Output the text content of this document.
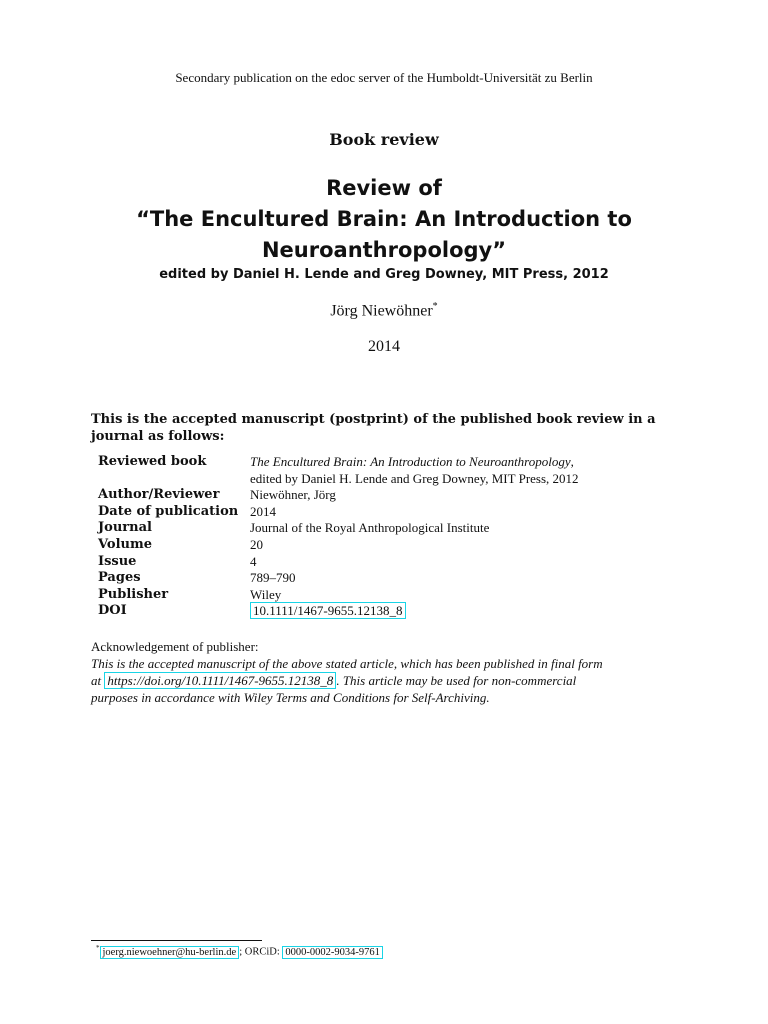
Secondary publication on the edoc server of the Humboldt-Universität zu Berlin
Book review
Review of
“The Encultured Brain: An Introduction to
Neuroanthropology”
edited by Daniel H. Lende and Greg Downey, MIT Press, 2012
Jörg Niewöhner*
2014
This is the accepted manuscript (postprint) of the published book review in a journal as follows:
Reviewed book	The Encultured Brain: An Introduction to Neuroanthropology,
edited by Daniel H. Lende and Greg Downey, MIT Press, 2012
Author/Reviewer	Niewöhner, Jörg
Date of publication	2014
Journal	Journal of the Royal Anthropological Institute
Volume	20
Issue	4
Pages	789–790
Publisher	Wiley
DOI	10.1111/1467-9655.12138_8
Acknowledgement of publisher:
This is the accepted manuscript of the above stated article, which has been published in final form
at https://doi.org/10.1111/1467-9655.12138_8 . This article may be used for non-commercial
purposes in accordance with Wiley Terms and Conditions for Self-Archiving.
* joerg.niewoehner@hu-berlin.de ; ORCiD: 0000-0002-9034-9761
